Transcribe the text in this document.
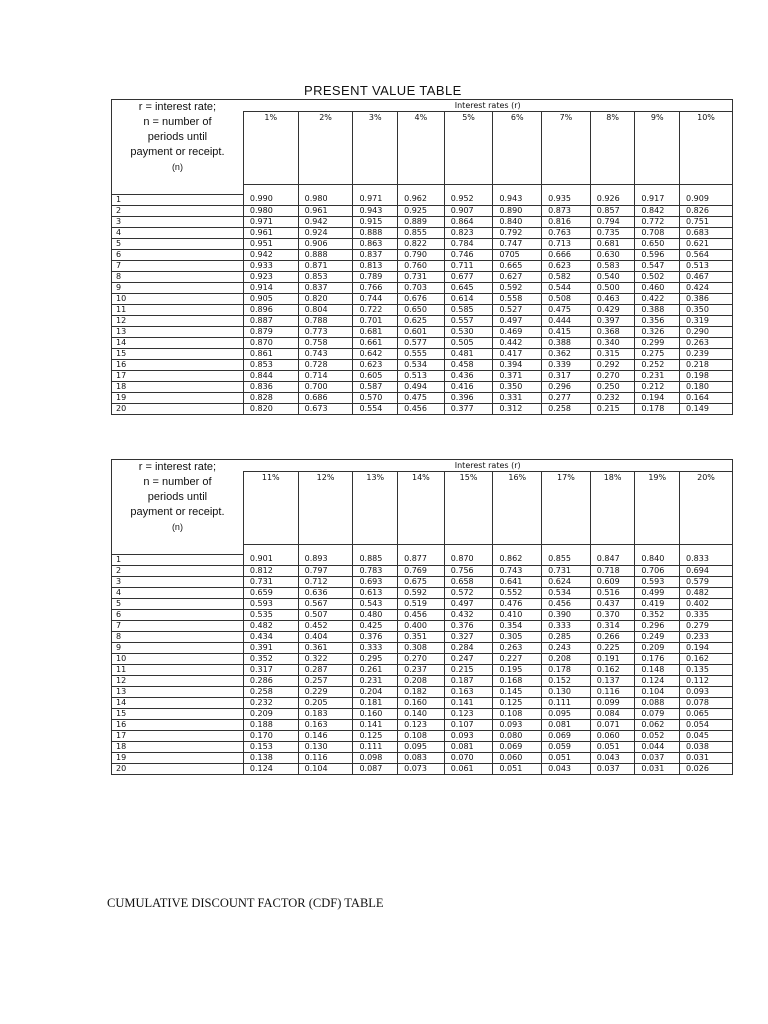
PRESENT VALUE TABLE
r = interest rate;
n = number of
periods until
payment or receipt.
(n)	Interest rates (r)									
	1%	2%	3%	4%	5%	6%	7%	8%	9%	10%

1	0.990	0.980	0.971	0.962	0.952	0.943	0.935	0.926	0.917	0.909
2	0.980	0.961	0.943	0.925	0.907	0.890	0.873	0.857	0.842	0.826
3	0.971	0.942	0.915	0.889	0.864	0.840	0.816	0.794	0.772	0.751
4	0.961	0.924	0.888	0.855	0.823	0.792	0.763	0.735	0.708	0.683
5	0.951	0.906	0.863	0.822	0.784	0.747	0.713	0.681	0.650	0.621
6	0.942	0.888	0.837	0.790	0.746	0705	0.666	0.630	0.596	0.564
7	0.933	0.871	0.813	0.760	0.711	0.665	0.623	0.583	0.547	0.513
8	0.923	0.853	0.789	0.731	0.677	0.627	0.582	0.540	0.502	0.467
9	0.914	0.837	0.766	0.703	0.645	0.592	0.544	0.500	0.460	0.424
10	0.905	0.820	0.744	0.676	0.614	0.558	0.508	0.463	0.422	0.386
11	0.896	0.804	0.722	0.650	0.585	0.527	0.475	0.429	0.388	0.350
12	0.887	0.788	0.701	0.625	0.557	0.497	0.444	0.397	0.356	0.319
13	0.879	0.773	0.681	0.601	0.530	0.469	0.415	0.368	0.326	0.290
14	0.870	0.758	0.661	0.577	0.505	0.442	0.388	0.340	0.299	0.263
15	0.861	0.743	0.642	0.555	0.481	0.417	0.362	0.315	0.275	0.239
16	0.853	0.728	0.623	0.534	0.458	0.394	0.339	0.292	0.252	0.218
17	0.844	0.714	0.605	0.513	0.436	0.371	0.317	0.270	0.231	0.198
18	0.836	0.700	0.587	0.494	0.416	0.350	0.296	0.250	0.212	0.180
19	0.828	0.686	0.570	0.475	0.396	0.331	0.277	0.232	0.194	0.164
20	0.820	0.673	0.554	0.456	0.377	0.312	0.258	0.215	0.178	0.149
r = interest rate;
n = number of
periods until
payment or receipt.
(n)	Interest rates (r)									
	11%	12%	13%	14%	15%	16%	17%	18%	19%	20%

1	0.901	0.893	0.885	0.877	0.870	0.862	0.855	0.847	0.840	0.833
2	0.812	0.797	0.783	0.769	0.756	0.743	0.731	0.718	0.706	0.694
3	0.731	0.712	0.693	0.675	0.658	0.641	0.624	0.609	0.593	0.579
4	0.659	0.636	0.613	0.592	0.572	0.552	0.534	0.516	0.499	0.482
5	0.593	0.567	0.543	0.519	0.497	0.476	0.456	0.437	0.419	0.402
6	0.535	0.507	0.480	0.456	0.432	0.410	0.390	0.370	0.352	0.335
7	0.482	0.452	0.425	0.400	0.376	0.354	0.333	0.314	0.296	0.279
8	0.434	0.404	0.376	0.351	0.327	0.305	0.285	0.266	0.249	0.233
9	0.391	0.361	0.333	0.308	0.284	0.263	0.243	0.225	0.209	0.194
10	0.352	0.322	0.295	0.270	0.247	0.227	0.208	0.191	0.176	0.162
11	0.317	0.287	0.261	0.237	0.215	0.195	0.178	0.162	0.148	0.135
12	0.286	0.257	0.231	0.208	0.187	0.168	0.152	0.137	0.124	0.112
13	0.258	0.229	0.204	0.182	0.163	0.145	0.130	0.116	0.104	0.093
14	0.232	0.205	0.181	0.160	0.141	0.125	0.111	0.099	0.088	0.078
15	0.209	0.183	0.160	0.140	0.123	0.108	0.095	0.084	0.079	0.065
16	0.188	0.163	0.141	0.123	0.107	0.093	0.081	0.071	0.062	0.054
17	0.170	0.146	0.125	0.108	0.093	0.080	0.069	0.060	0.052	0.045
18	0.153	0.130	0.111	0.095	0.081	0.069	0.059	0.051	0.044	0.038
19	0.138	0.116	0.098	0.083	0.070	0.060	0.051	0.043	0.037	0.031
20	0.124	0.104	0.087	0.073	0.061	0.051	0.043	0.037	0.031	0.026
CUMULATIVE DISCOUNT FACTOR (CDF) TABLE
